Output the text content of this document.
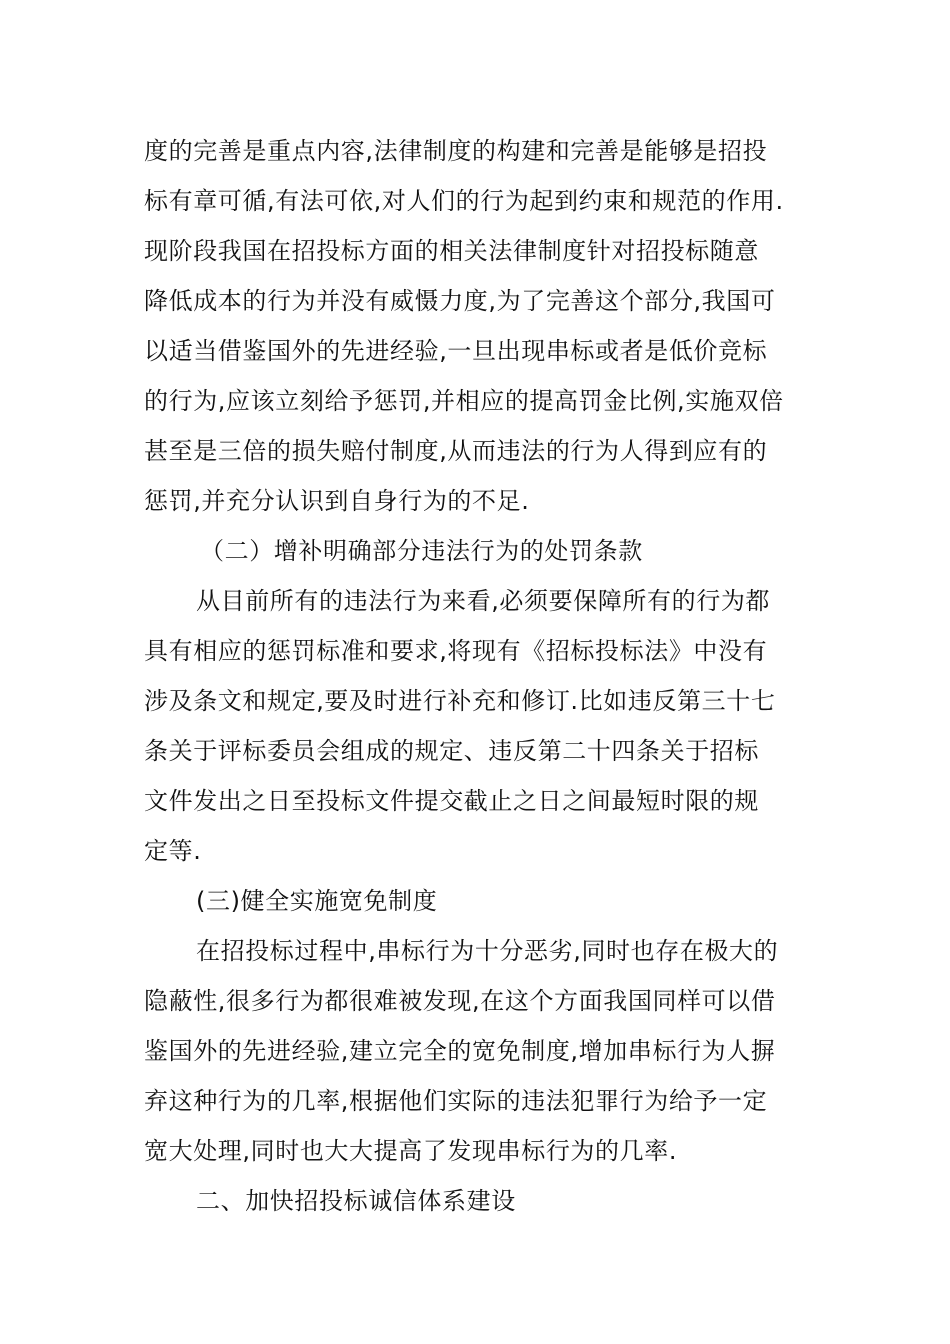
度的完善是重点内容,法律制度的构建和完善是能够是招投
标有章可循,有法可依,对人们的行为起到约束和规范的作用.
现阶段我国在招投标方面的相关法律制度针对招投标随意
降低成本的行为并没有威慑力度,为了完善这个部分,我国可
以适当借鉴国外的先进经验,一旦出现串标或者是低价竞标
的行为,应该立刻给予惩罚,并相应的提高罚金比例,实施双倍
甚至是三倍的损失赔付制度,从而违法的行为人得到应有的
惩罚,并充分认识到自身行为的不足.
（二）增补明确部分违法行为的处罚条款
从目前所有的违法行为来看,必须要保障所有的行为都
具有相应的惩罚标准和要求,将现有《招标投标法》中没有
涉及条文和规定,要及时进行补充和修订.比如违反第三十七
条关于评标委员会组成的规定、违反第二十四条关于招标
文件发出之日至投标文件提交截止之日之间最短时限的规
定等.
(三)健全实施宽免制度
在招投标过程中,串标行为十分恶劣,同时也存在极大的
隐蔽性,很多行为都很难被发现,在这个方面我国同样可以借
鉴国外的先进经验,建立完全的宽免制度,增加串标行为人摒
弃这种行为的几率,根据他们实际的违法犯罪行为给予一定
宽大处理,同时也大大提高了发现串标行为的几率.
二、加快招投标诚信体系建设
